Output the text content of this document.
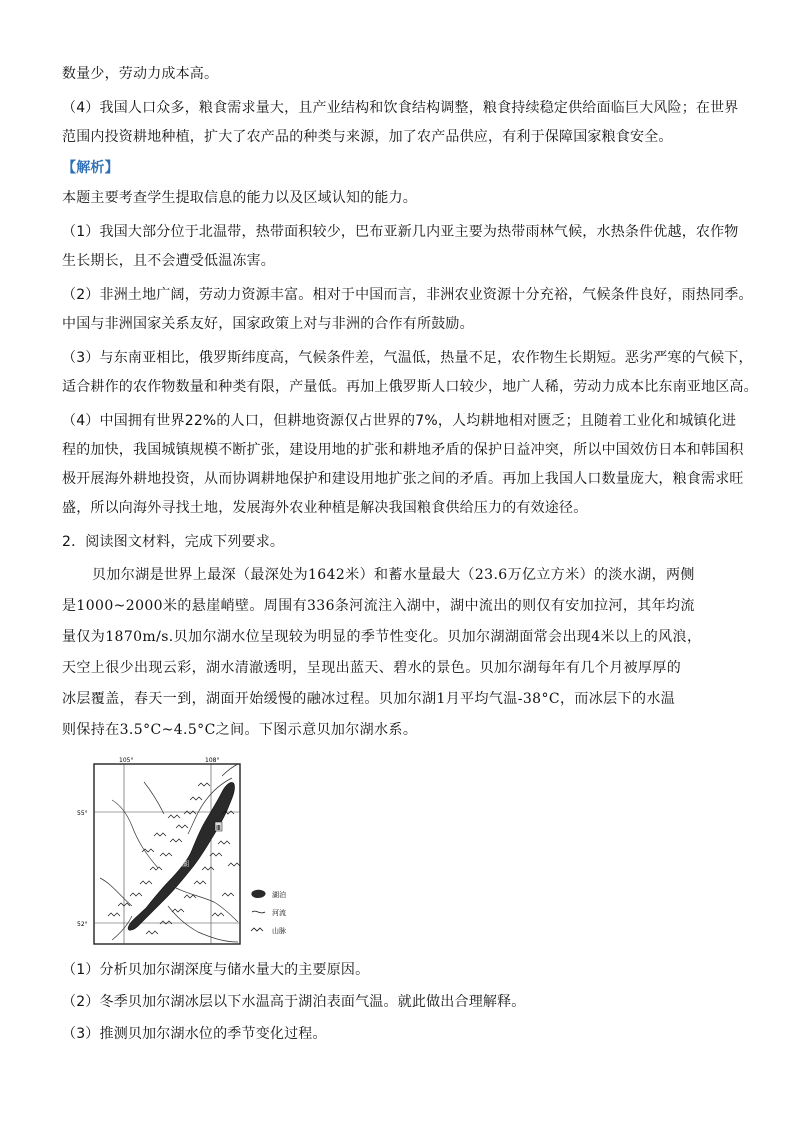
数量少，劳动力成本高。
（4）我国人口众多，粮食需求量大，且产业结构和饮食结构调整，粮食持续稳定供给面临巨大风险；在世界
范围内投资耕地种植，扩大了农产品的种类与来源，加了农产品供应，有利于保障国家粮食安全。
【解析】
本题主要考查学生提取信息的能力以及区域认知的能力。
（1）我国大部分位于北温带，热带面积较少，巴布亚新几内亚主要为热带雨林气候，水热条件优越，农作物
生长期长，且不会遭受低温冻害。
（2）非洲土地广阔，劳动力资源丰富。相对于中国而言，非洲农业资源十分充裕，气候条件良好，雨热同季。
中国与非洲国家关系友好，国家政策上对与非洲的合作有所鼓励。
（3）与东南亚相比，俄罗斯纬度高，气候条件差，气温低，热量不足，农作物生长期短。恶劣严寒的气候下，
适合耕作的农作物数量和种类有限，产量低。再加上俄罗斯人口较少，地广人稀，劳动力成本比东南亚地区高。
（4）中国拥有世界22%的人口，但耕地资源仅占世界的7%，人均耕地相对匮乏；且随着工业化和城镇化进
程的加快，我国城镇规模不断扩张，建设用地的扩张和耕地矛盾的保护日益冲突，所以中国效仿日本和韩国积
极开展海外耕地投资，从而协调耕地保护和建设用地扩张之间的矛盾。再加上我国人口数量庞大，粮食需求旺
盛，所以向海外寻找土地，发展海外农业种植是解决我国粮食供给压力的有效途径。
2．阅读图文材料，完成下列要求。
贝加尔湖是世界上最深（最深处为1642米）和蓄水量最大（23.6万亿立方米）的淡水湖，两侧
是1000~2000米的悬崖峭壁。周围有336条河流注入湖中，湖中流出的则仅有安加拉河，其年均流
量仅为1870m/s.贝加尔湖水位呈现较为明显的季节性变化。贝加尔湖湖面常会出现4米以上的风浪，
天空上很少出现云彩，湖水清澈透明，呈现出蓝天、碧水的景色。贝加尔湖每年有几个月被厚厚的
冰层覆盖，春天一到，湖面开始缓慢的融冰过程。贝加尔湖1月平均气温-38°C，而冰层下的水温
则保持在3.5°C~4.5°C之间。下图示意贝加尔湖水系。
105°	108°
55°
52°
Ⅲ
湖
湖泊
河流
山脉
（1）分析贝加尔湖深度与储水量大的主要原因。
（2）冬季贝加尔湖冰层以下水温高于湖泊表面气温。就此做出合理解释。
（3）推测贝加尔湖水位的季节变化过程。
